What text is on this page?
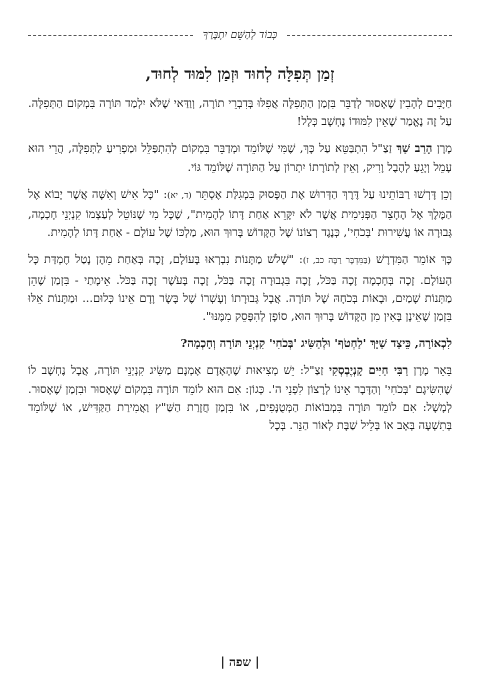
כְּבוֹד לְהַשֵּׁם יִתְבָּרַךְ
זְמַן תְּפִלָּה לְחוּד וּזְמַן לִמּוּד לְחוּד,

חַיָּבִים לְהָבִין שֶׁאָסוּר לְדַבֵּר בִּזְמַן הַתְּפִלָּה אֲפִלּוּ בְּדִבְרֵי תוֹרָה, וְוַדַּאי שֶׁלֹּא יִלְמַד תּוֹרָה בִּמְקוֹם הַתְּפִלָּה. עַל זֶה נֶאֱמַר שֶׁאֵין לִמּוּדוֹ נֶחְשָׁב כְּלָל!

מָרָן הָרַב שַׁךְ זַצַ"ל הִתְבַּטֵּא עַל כָּךְ, שֶׁמִּי שֶׁלּוֹמֵד וּמְדַבֵּר בִּמְקוֹם לְהִתְפַּלֵּל וּמַפְרִיעַ לַתְּפִלָּה, הֲרֵי הוּא עָמֵל וְיָגֵעַ לְהֶבֶל וָרִיק, וְאֵין לְתוֹרָתוֹ יִתְרוֹן עַל הַתּוֹרָה שֶׁלּוֹמֵד גּוֹי.

וְכֵן דָּרְשׁוּ רַבּוֹתֵינוּ עַל דֶּרֶךְ הַדְּרוּשׁ אֶת הַפָּסוּק בִּמְגִלַּת אֶסְתֵּר (ד, יא): "כָּל אִישׁ וְאִשָּׁה אֲשֶׁר יָבוֹא אֶל הַמֶּלֶךְ אֶל הֶחָצֵר הַפְּנִימִית אֲשֶׁר לֹא יִקָּרֵא אַחַת דָּתוֹ לְהָמִית", שֶׁכָּל מִי שֶׁנּוֹטֵל לְעַצְמוֹ קִנְיְנֵי חָכְמָה, גְּבוּרָה אוֹ עֲשִׁירוּת 'בְּכֹחִי', כְּנֶגֶד רְצוֹנוֹ שֶׁל הַקָּדוֹשׁ בָּרוּךְ הוּא, מַלְכּוֹ שֶׁל עוֹלָם - אַחַת דָּתוֹ לְהָמִית.

כָּךְ אוֹמֵר הַמִּדְרָשׁ (בַּמִּדְבָּר רַבָּה כב, ז): "שָׁלֹשׁ מַתָּנוֹת נִבְרְאוּ בָּעוֹלָם, זָכָה בְּאַחַת מֵהֶן נָטַל חֶמְדַּת כָּל הָעוֹלָם. זָכָה בְּחָכְמָה זָכָה בַּכֹּל, זָכָה בִּגְבוּרָה זָכָה בַּכֹּל, זָכָה בָּעֹשֶׁר זָכָה בַּכֹּל. אֵימָתַי - בִּזְמַן שֶׁהֵן מַתְּנוֹת שָׁמַיִם, וּבָאוֹת בְּכֹחָהּ שֶׁל תּוֹרָה. אֲבָל גְּבוּרָתוֹ וְעָשְׁרוֹ שֶׁל בָּשָׂר וָדָם אֵינוֹ כְּלוּם... וּמַתָּנוֹת אֵלּוּ בִּזְמַן שֶׁאֵינָן בָּאִין מִן הַקָּדוֹשׁ בָּרוּךְ הוּא, סוֹפָן לְהִפָּסֵק מִמֶּנּוּ".

לִכְאוֹרָה, כֵּיצַד שַׁיָּךְ 'לַחְטֹף' וּלְהַשִּׂיג 'בְּכֹחִי' קִנְיְנֵי תּוֹרָה וְחָכְמָה?

בֵּאֵר מָרָן רַבִּי חַיִּים קָנְיֶבְסְקִי זַצַ"ל: יֵשׁ מְצִיאוּת שֶׁהָאָדָם אָמְנָם מַשִּׂיג קִנְיְנֵי תּוֹרָה, אֲבָל נֶחְשָׁב לוֹ שֶׁהִשִּׂיגָם 'בְּכֹחִי' וְהַדָּבָר אֵינוֹ לְרָצוֹן לִפְנֵי ה'. כְּגוֹן: אִם הוּא לוֹמֵד תּוֹרָה בִּמְקוֹם שֶׁאָסוּר וּבִזְמַן שֶׁאָסוּר. לְמָשָׁל: אִם לוֹמֵד תּוֹרָה בִּמְבוֹאוֹת הַמְּטֻנָּפִים, אוֹ בִּזְמַן חֲזָרַת הַשַּׁ"ץ וַאֲמִירַת הַקַּדִּישׁ, אוֹ שֶׁלּוֹמֵד בְּתִשְׁעָה בְּאָב אוֹ בְּלֵיל שַׁבָּת לְאוֹר הַנֵּר. בְּכָל

| שפה |
